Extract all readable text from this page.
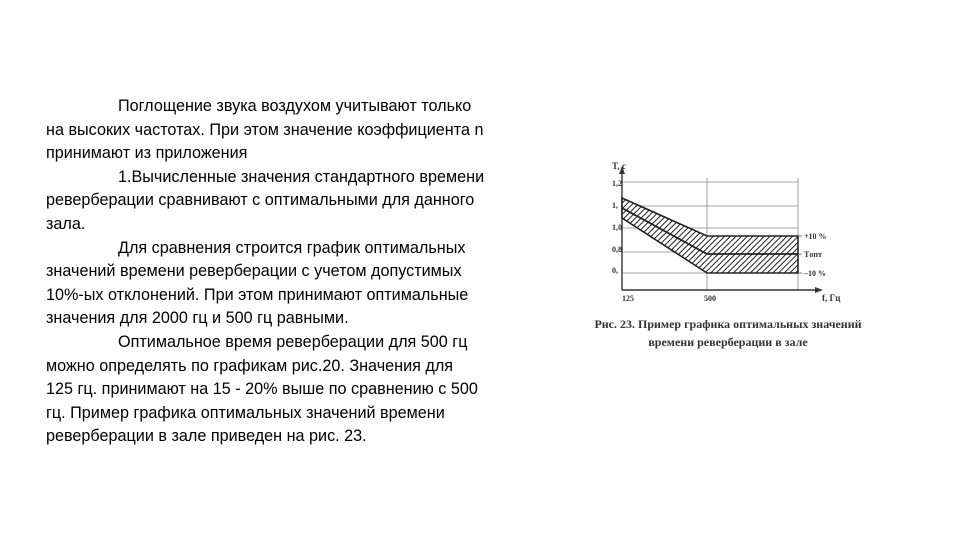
Поглощение звука воздухом учитывают только
на высоких частотах. При этом значение коэффициента n
принимают из приложения

1.Вычисленные значения стандартного времени
реверберации сравнивают с оптимальными для данного
зала.

Для сравнения строится график оптимальных
значений времени реверберации с учетом допустимых
10%-ых отклонений. При этом принимают оптимальные
значения для 2000 гц и 500 гц равными.

Оптимальное время реверберации для 500 гц
можно определять по графикам рис.20. Значения для
125 гц. принимают на 15 - 20% выше по сравнению с 500
гц. Пример графика оптимальных значений времени
реверберации в зале приведен на рис. 23.

T, с
1,2
1,
1,0
0,8
0,
125	500	f, Гц
+10 %
Tопт
–10 %
Рис. 23. Пример графика оптимальных значений
времени реверберации в зале
